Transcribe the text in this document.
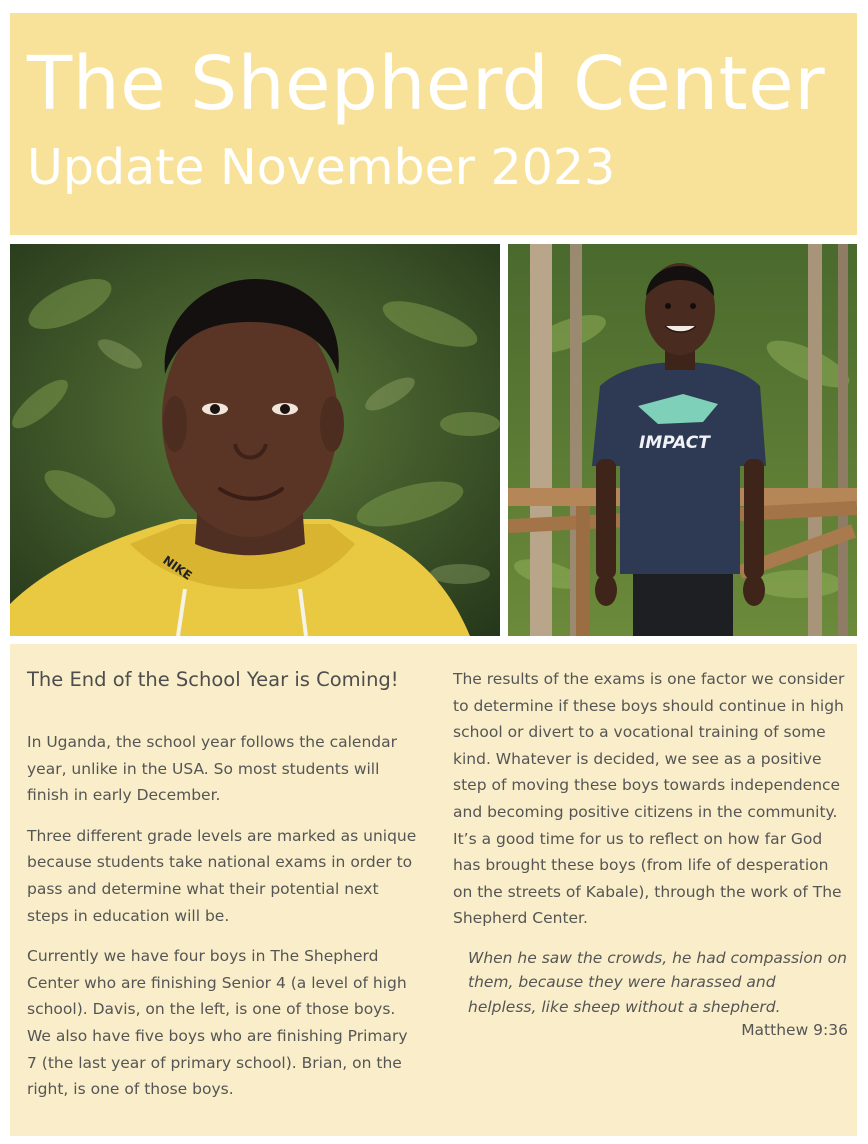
The Shepherd Center
Update November 2023
NIKE
IMPACT
The End of the School Year is Coming!

In Uganda, the school year follows the calendar year, unlike in the USA. So most students will finish in early December.

Three different grade levels are marked as unique because students take national exams in order to pass and determine what their potential next steps in education will be.

Currently we have four boys in The Shepherd Center who are finishing Senior 4 (a level of high school). Davis, on the left, is one of those boys. We also have five boys who are finishing Primary 7 (the last year of primary school). Brian, on the right, is one of those boys.

The results of the exams is one factor we consider to determine if these boys should continue in high school or divert to a vocational training of some kind. Whatever is decided, we see as a positive step of moving these boys towards independence and becoming positive citizens in the community. It’s a good time for us to reflect on how far God has brought these boys (from life of desperation on the streets of Kabale), through the work of The Shepherd Center.

When he saw the crowds, he had compassion on them, because they were harassed and helpless, like sheep without a shepherd.
Matthew 9:36
